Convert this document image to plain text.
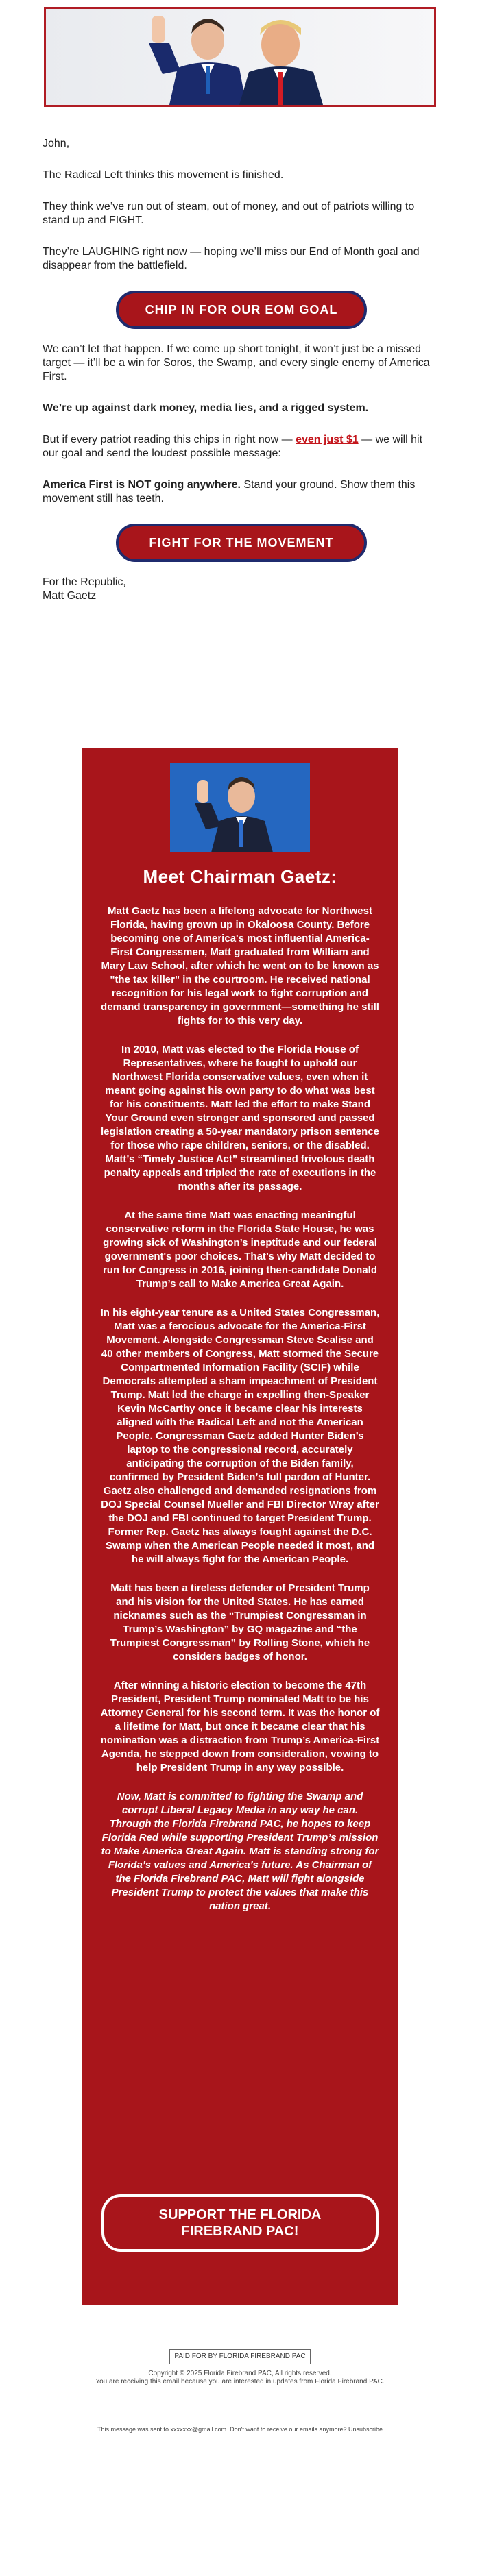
John,

The Radical Left thinks this movement is finished.

They think we’ve run out of steam, out of money, and out of patriots willing to stand up and FIGHT.

They’re LAUGHING right now — hoping we’ll miss our End of Month goal and disappear from the battlefield.

CHIP IN FOR OUR EOM GOAL

We can’t let that happen. If we come up short tonight, it won’t just be a missed target — it’ll be a win for Soros, the Swamp, and every single enemy of America First.

We’re up against dark money, media lies, and a rigged system.

But if every patriot reading this chips in right now — even just $1 — we will hit our goal and send the loudest possible message:

America First is NOT going anywhere. Stand your ground. Show them this movement still has teeth.

FIGHT FOR THE MOVEMENT
For the Republic,
Matt Gaetz
Meet Chairman Gaetz:

Matt Gaetz has been a lifelong advocate for Northwest Florida, having grown up in Okaloosa County. Before becoming one of America's most influential America-First Congressmen, Matt graduated from William and Mary Law School, after which he went on to be known as "the tax killer" in the courtroom. He received national recognition for his legal work to fight corruption and demand transparency in government—something he still fights for to this very day.

In 2010, Matt was elected to the Florida House of Representatives, where he fought to uphold our Northwest Florida conservative values, even when it meant going against his own party to do what was best for his constituents. Matt led the effort to make Stand Your Ground even stronger and sponsored and passed legislation creating a 50-year mandatory prison sentence for those who rape children, seniors, or the disabled. Matt’s “Timely Justice Act” streamlined frivolous death penalty appeals and tripled the rate of executions in the months after its passage.

At the same time Matt was enacting meaningful conservative reform in the Florida State House, he was growing sick of Washington’s ineptitude and our federal government's poor choices. That’s why Matt decided to run for Congress in 2016, joining then-candidate Donald Trump’s call to Make America Great Again.

In his eight-year tenure as a United States Congressman, Matt was a ferocious advocate for the America-First Movement. Alongside Congressman Steve Scalise and 40 other members of Congress, Matt stormed the Secure Compartmented Information Facility (SCIF) while Democrats attempted a sham impeachment of President Trump. Matt led the charge in expelling then-Speaker Kevin McCarthy once it became clear his interests aligned with the Radical Left and not the American People. Congressman Gaetz added Hunter Biden’s laptop to the congressional record, accurately anticipating the corruption of the Biden family, confirmed by President Biden’s full pardon of Hunter. Gaetz also challenged and demanded resignations from DOJ Special Counsel Mueller and FBI Director Wray after the DOJ and FBI continued to target President Trump. Former Rep. Gaetz has always fought against the D.C. Swamp when the American People needed it most, and he will always fight for the American People.

Matt has been a tireless defender of President Trump and his vision for the United States. He has earned nicknames such as the “Trumpiest Congressman in Trump’s Washington” by GQ magazine and “the Trumpiest Congressman” by Rolling Stone, which he considers badges of honor.

After winning a historic election to become the 47th President, President Trump nominated Matt to be his Attorney General for his second term. It was the honor of a lifetime for Matt, but once it became clear that his nomination was a distraction from Trump’s America-First Agenda, he stepped down from consideration, vowing to help President Trump in any way possible.

Now, Matt is committed to fighting the Swamp and corrupt Liberal Legacy Media in any way he can. Through the Florida Firebrand PAC, he hopes to keep Florida Red while supporting President Trump’s mission to Make America Great Again. Matt is standing strong for Florida’s values and America’s future. As Chairman of the Florida Firebrand PAC, Matt will fight alongside President Trump to protect the values that make this nation great.

SUPPORT THE FLORIDA
FIREBRAND PAC!
PAID FOR BY FLORIDA FIREBRAND PAC
Copyright © 2025 Florida Firebrand PAC, All rights reserved.
You are receiving this email because you are interested in updates from Florida Firebrand PAC.
This message was sent to xxxxxxx@gmail.com. Don't want to receive our emails anymore? Unsubscribe
